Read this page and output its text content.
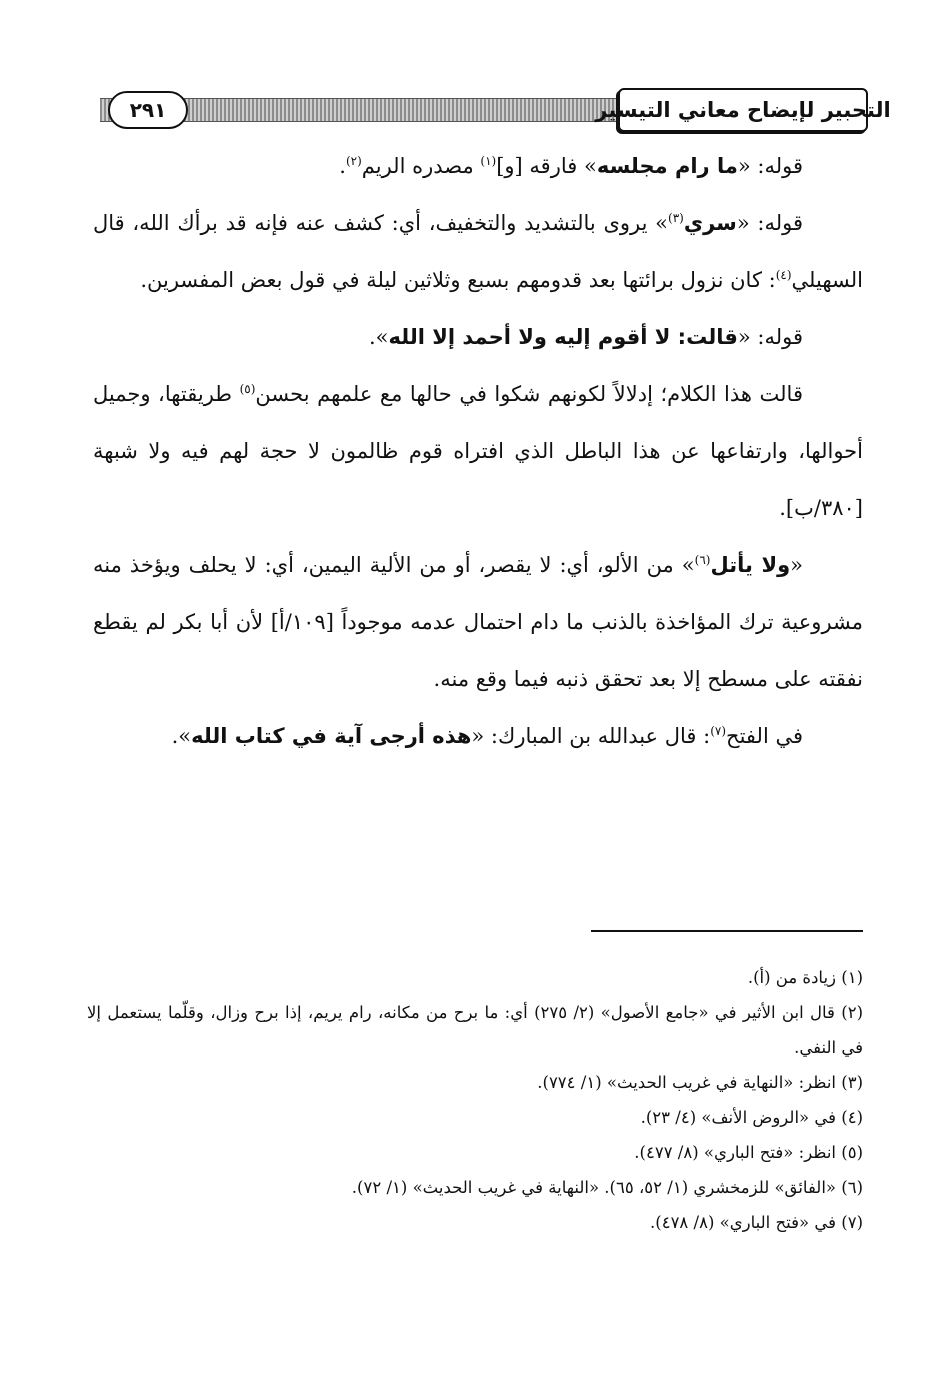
التحبير لإيضاح معاني التيسير
٢٩١

قوله: «ما رام مجلسه» فارقه [و]$^{(١)}$ مصدره الريم$^{(٢)}$.

قوله: «سري$^{(٣)}$» يروى بالتشديد والتخفيف، أي: كشف عنه فإنه قد برأك الله، قال السهيلي$^{(٤)}$: كان نزول برائتها بعد قدومهم بسبع وثلاثين ليلة في قول بعض المفسرين.

قوله: «قالت: لا أقوم إليه ولا أحمد إلا الله».

قالت هذا الكلام؛ إدلالاً لكونهم شكوا في حالها مع علمهم بحسن$^{(٥)}$ طريقتها، وجميل أحوالها، وارتفاعها عن هذا الباطل الذي افتراه قوم ظالمون لا حجة لهم فيه ولا شبهة [٣٨٠/ب].

«ولا يأتل$^{(٦)}$» من الألو، أي: لا يقصر، أو من الألية اليمين، أي: لا يحلف ويؤخذ منه مشروعية ترك المؤاخذة بالذنب ما دام احتمال عدمه موجوداً [١٠٩/أ] لأن أبا بكر لم يقطع نفقته على مسطح إلا بعد تحقق ذنبه فيما وقع منه.

في الفتح$^{(٧)}$: قال عبدالله بن المبارك: «هذه أرجى آية في كتاب الله».

(١) زيادة من (أ).

(٢) قال ابن الأثير في «جامع الأصول» (٢/ ٢٧٥) أي: ما برح من مكانه، رام يريم، إذا برح وزال، وقلّما يستعمل إلا في النفي.

(٣) انظر: «النهاية في غريب الحديث» (١/ ٧٧٤).

(٤) في «الروض الأنف» (٤/ ٢٣).

(٥) انظر: «فتح الباري» (٨/ ٤٧٧).

(٦) «الفائق» للزمخشري (١/ ٥٢، ٦٥). «النهاية في غريب الحديث» (١/ ٧٢).

(٧) في «فتح الباري» (٨/ ٤٧٨).
